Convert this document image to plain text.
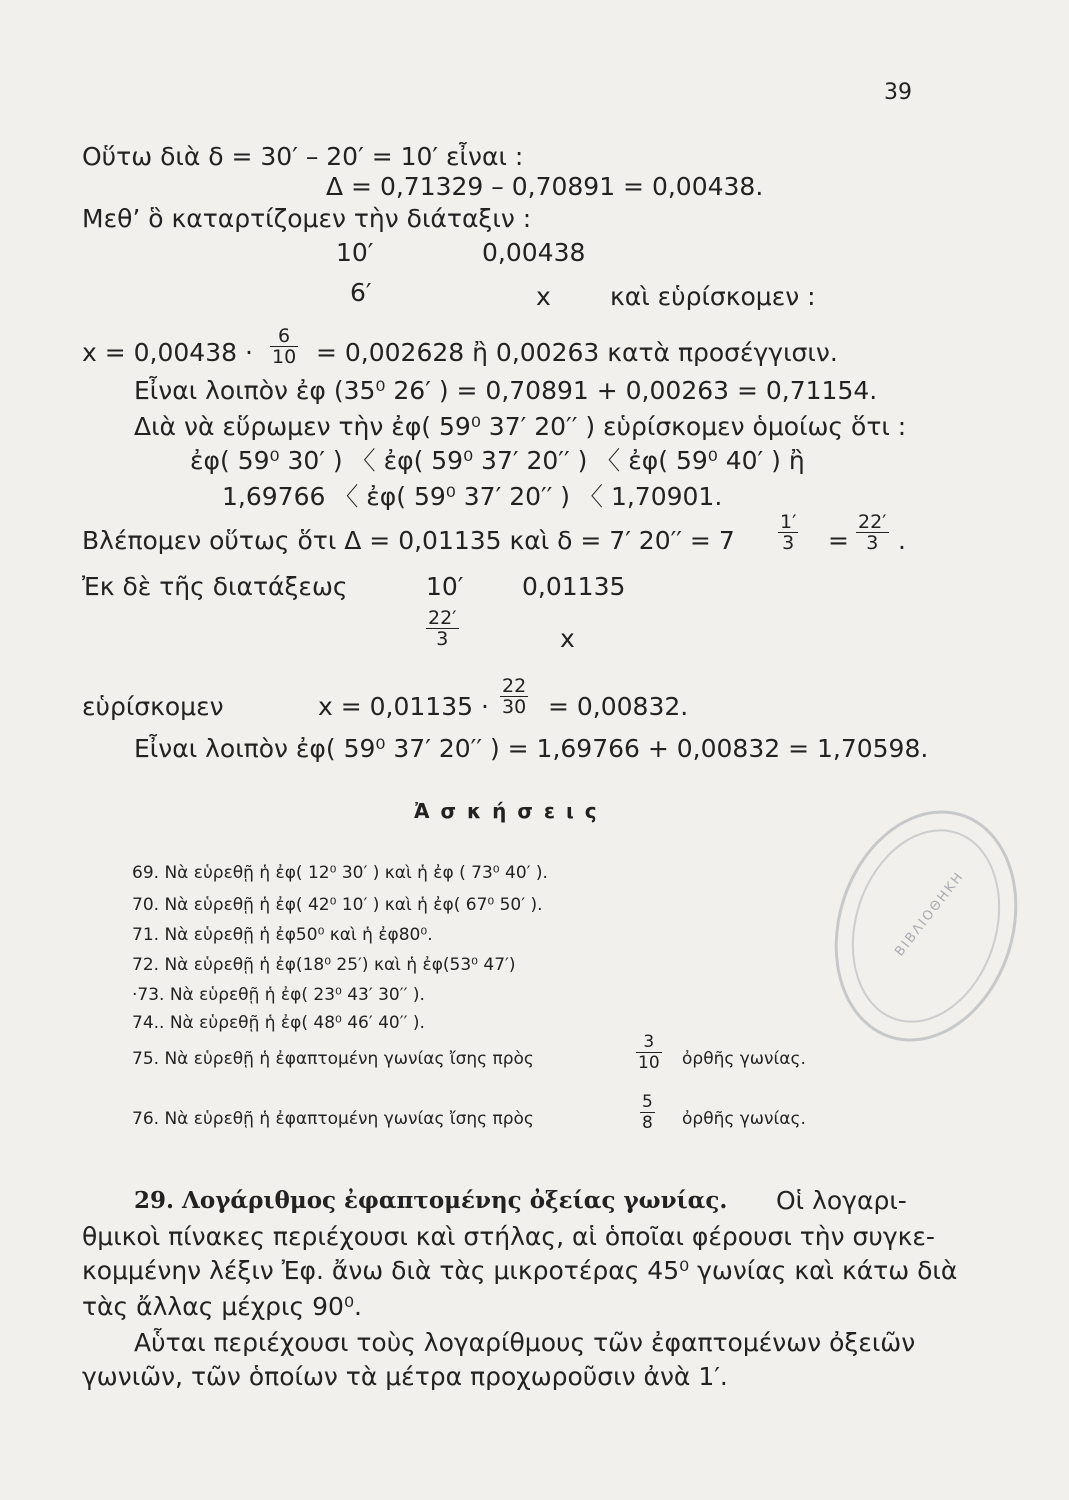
39
Οὕτω διὰ δ = 30′ – 20′ = 10′ εἶναι :
Δ = 0,71329 – 0,70891 = 0,00438.
Μεθ’ ὃ καταρτίζομεν τὴν διάταξιν :
10′	0,00438
6′	x καὶ εὑρίσκομεν :
$x = 0,00438 \cdot \frac{6}{10} = 0,002628$ ἢ 0,00263 κατὰ προσέγγισιν.
Εἶναι λοιπὸν ἐφ (35⁰ 26′ ) = 0,70891 + 0,00263 = 0,71154.
Διὰ νὰ εὕρωμεν τὴν ἐφ( 59⁰ 37′ 20′′ ) εὑρίσκομεν ὁμοίως ὅτι :
ἐφ( 59⁰ 30′ ) 〈 ἐφ( 59⁰ 37′ 20′′ ) 〈 ἐφ( 59⁰ 40′ ) ἢ
1,69766 〈 ἐφ( 59⁰ 37′ 20′′ ) 〈 1,70901.
Βλέπομεν οὕτως ὅτι Δ = 0,01135 καὶ δ = 7′ $20'' = 7 \frac{1'}{3} = \frac{22'}{3}$ .
Ἐκ δὲ τῆς διατάξεως	10′ 0,01135
$\frac{22'}{3}$	x
εὑρίσκομεν	$x = 0,01135 \cdot \frac{22}{30} = 0,00832$.
Εἶναι λοιπὸν ἐφ( 59⁰ 37′ 20′′ ) = 1,69766 + 0,00832 = 1,70598.
Ἀ σ κ ή σ ε ι ς
69. Νὰ εὑρεθῇ ἡ ἐφ( 12⁰ 30′ ) καὶ ἡ ἐφ ( 73⁰ 40′ ).
70. Νὰ εὑρεθῇ ἡ ἐφ( 42⁰ 10′ ) καὶ ἡ ἐφ( 67⁰ 50′ ).
71. Νὰ εὑρεθῇ ἡ ἐφ50⁰ καὶ ἡ ἐφ80⁰.
72. Νὰ εὑρεθῇ ἡ ἐφ(18⁰ 25′) καὶ ἡ ἐφ(53⁰ 47′)
·73. Νὰ εὑρεθῇ ἡ ἐφ( 23⁰ 43′ 30′′ ).
74.. Νὰ εὑρεθῇ ἡ ἐφ( 48⁰ 46′ 40′′ ).
75. Νὰ εὑρεθῇ ἡ ἐφαπτομένη γωνίας ἴσης πρὸς	$\frac{3}{10}$ ὀρθῆς γωνίας.
76. Νὰ εὑρεθῇ ἡ ἐφαπτομένη γωνίας ἴσης πρὸς	$\frac{5}{8}$ ὀρθῆς γωνίας.
29. Λογάριθμος ἐφαπτομένης ὀξείας γωνίας. Οἱ λογαρι-
θμικοὶ πίνακες περιέχουσι καὶ στήλας, αἱ ὁποῖαι φέρουσι τὴν συγκε-
κομμένην λέξιν Ἐφ. ἄνω διὰ τὰς μικροτέρας 45⁰ γωνίας καὶ κάτω διὰ
τὰς ἄλλας μέχρις 90⁰.
Αὗται περιέχουσι τοὺς λογαρίθμους τῶν ἐφαπτομένων ὀξειῶν
γωνιῶν, τῶν ὁποίων τὰ μέτρα προχωροῦσιν ἀνὰ 1′.
ΒΙΒΛΙΟΘΗΚΗ
